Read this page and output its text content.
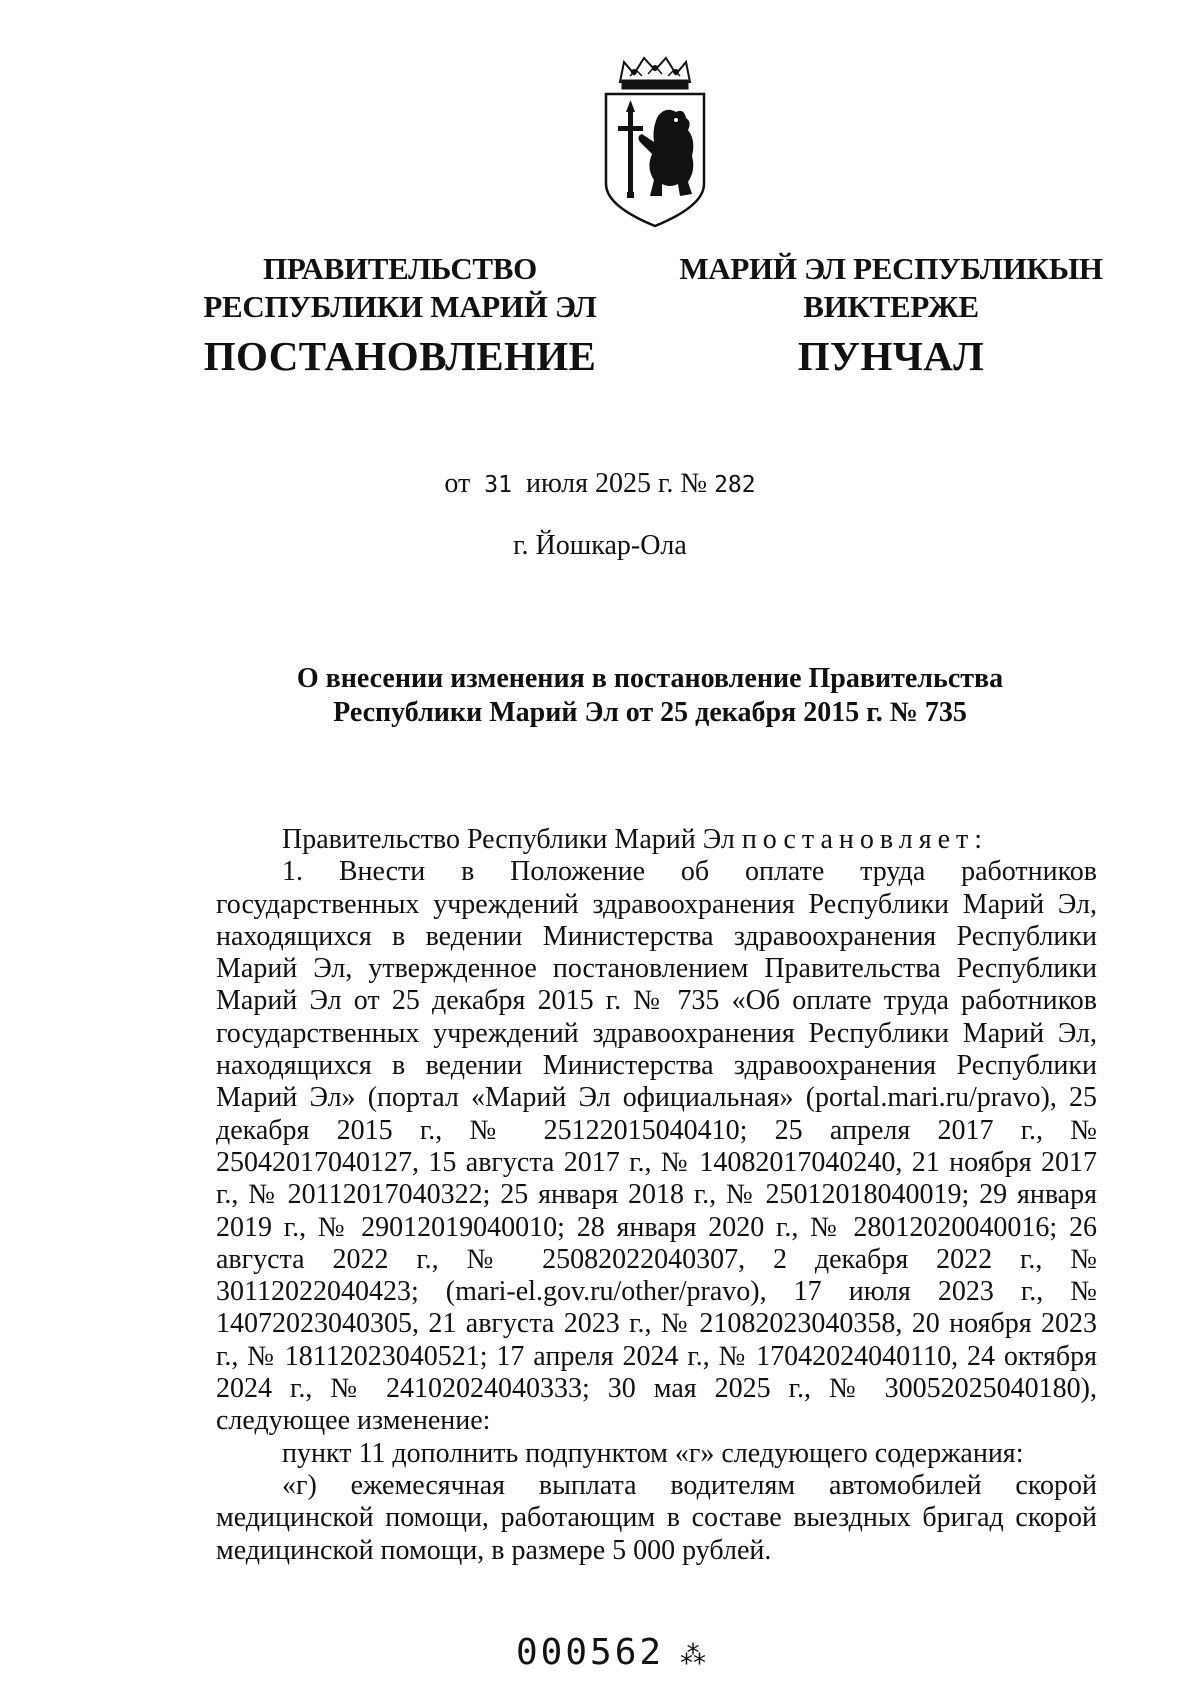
ПРАВИТЕЛЬСТВО
РЕСПУБЛИКИ МАРИЙ ЭЛ
ПОСТАНОВЛЕНИЕ
МАРИЙ ЭЛ РЕСПУБЛИКЫН
ВИКТЕРЖЕ
ПУНЧАЛ
от 31 июля 2025 г. № 282
г. Йошкар-Ола
О внесении изменения в постановление Правительства
Республики Марий Эл от 25 декабря 2015 г. № 735

Правительство Республики Марий Эл постановляет:

1. Внести в Положение об оплате труда работников государственных учреждений здравоохранения Республики Марий Эл, находящихся в ведении Министерства здравоохранения Республики Марий Эл, утвержденное постановлением Правительства Республики Марий Эл от 25 декабря 2015 г. № 735 «Об оплате труда работников государственных учреждений здравоохранения Республики Марий Эл, находящихся в ведении Министерства здравоохранения Республики Марий Эл» (портал «Марий Эл официальная» (portal.mari.ru/pravo), 25 декабря 2015 г., № 25122015040410; 25 апреля 2017 г., № 25042017040127, 15 августа 2017 г., № 14082017040240, 21 ноября 2017 г., № 20112017040322; 25 января 2018 г., № 25012018040019; 29 января 2019 г., № 29012019040010; 28 января 2020 г., № 28012020040016; 26 августа 2022 г., № 25082022040307, 2 декабря 2022 г., № 30112022040423; (mari-el.gov.ru/other/pravo), 17 июля 2023 г., № 14072023040305, 21 августа 2023 г., № 21082023040358, 20 ноября 2023 г., № 18112023040521; 17 апреля 2024 г., № 17042024040110, 24 октября 2024 г., № 24102024040333; 30 мая 2025 г., № 30052025040180), следующее изменение:

пункт 11 дополнить подпунктом «г» следующего содержания:

«г) ежемесячная выплата водителям автомобилей скорой медицинской помощи, работающим в составе выездных бригад скорой медицинской помощи, в размере 5 000 рублей.

000562 ⁂
